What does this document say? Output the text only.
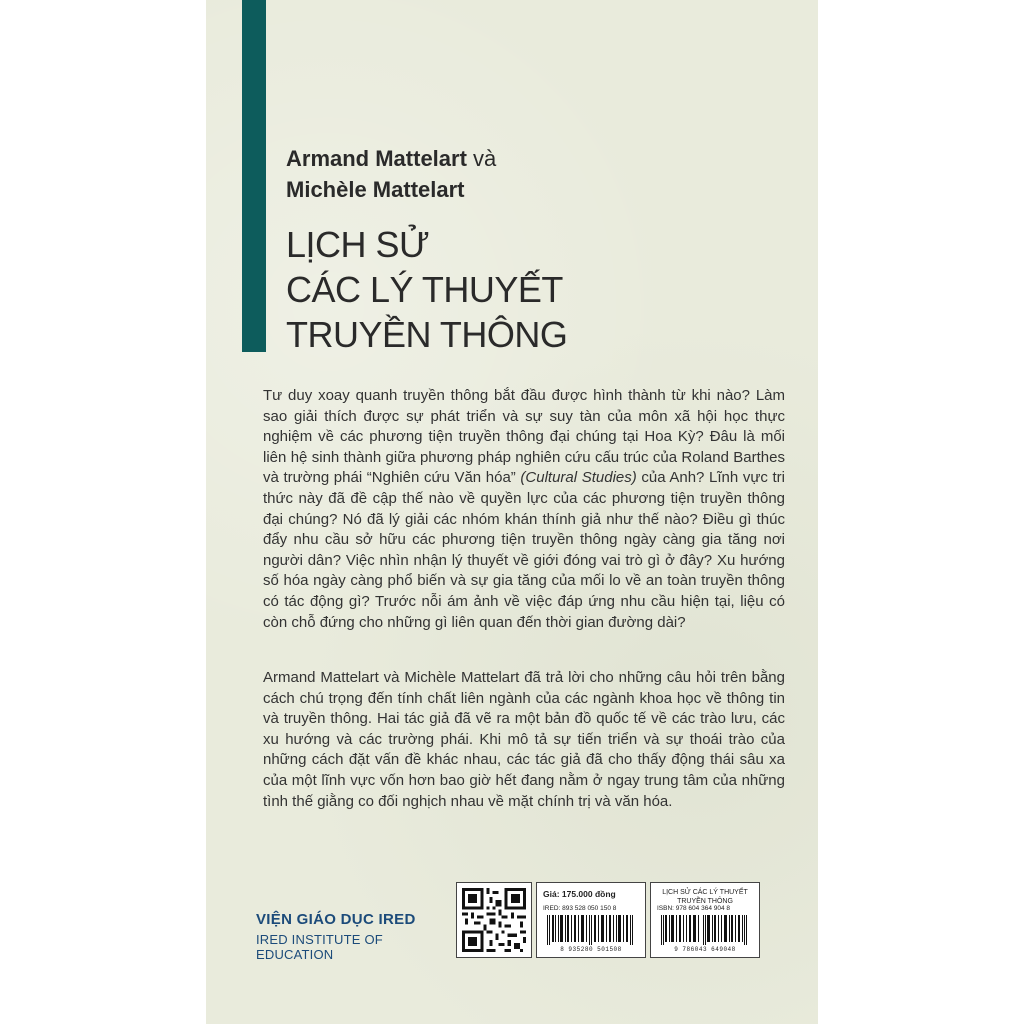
Armand Mattelart và
Michèle Mattelart
LỊCH SỬ
CÁC LÝ THUYẾT
TRUYỀN THÔNG
Tư duy xoay quanh truyền thông bắt đầu được hình thành từ khi nào? Làm sao giải thích được sự phát triển và sự suy tàn của môn xã hội học thực nghiệm về các phương tiện truyền thông đại chúng tại Hoa Kỳ? Đâu là mối liên hệ sinh thành giữa phương pháp nghiên cứu cấu trúc của Roland Barthes và trường phái “Nghiên cứu Văn hóa” (Cultural Studies) của Anh? Lĩnh vực tri thức này đã đề cập thế nào về quyền lực của các phương tiện truyền thông đại chúng? Nó đã lý giải các nhóm khán thính giả như thế nào? Điều gì thúc đẩy nhu cầu sở hữu các phương tiện truyền thông ngày càng gia tăng nơi người dân? Việc nhìn nhận lý thuyết về giới đóng vai trò gì ở đây? Xu hướng số hóa ngày càng phổ biến và sự gia tăng của mối lo về an toàn truyền thông có tác động gì? Trước nỗi ám ảnh về việc đáp ứng nhu cầu hiện tại, liệu có còn chỗ đứng cho những gì liên quan đến thời gian đường dài?
Armand Mattelart và Michèle Mattelart đã trả lời cho những câu hỏi trên bằng cách chú trọng đến tính chất liên ngành của các ngành khoa học về thông tin và truyền thông. Hai tác giả đã vẽ ra một bản đồ quốc tế về các trào lưu, các xu hướng và các trường phái. Khi mô tả sự tiến triển và sự thoái trào của những cách đặt vấn đề khác nhau, các tác giả đã cho thấy động thái sâu xa của một lĩnh vực vốn hơn bao giờ hết đang nằm ở ngay trung tâm của những tình thế giằng co đối nghịch nhau về mặt chính trị và văn hóa.
VIỆN GIÁO DỤC IRED
IRED INSTITUTE OF EDUCATION
Giá: 175.000 đồng
IRED: 893 528 050 150 8
8 935280 501508
LỊCH SỬ CÁC LÝ THUYẾT
TRUYỀN THÔNG
ISBN: 978 604 364 904 8
9 786043 649048
